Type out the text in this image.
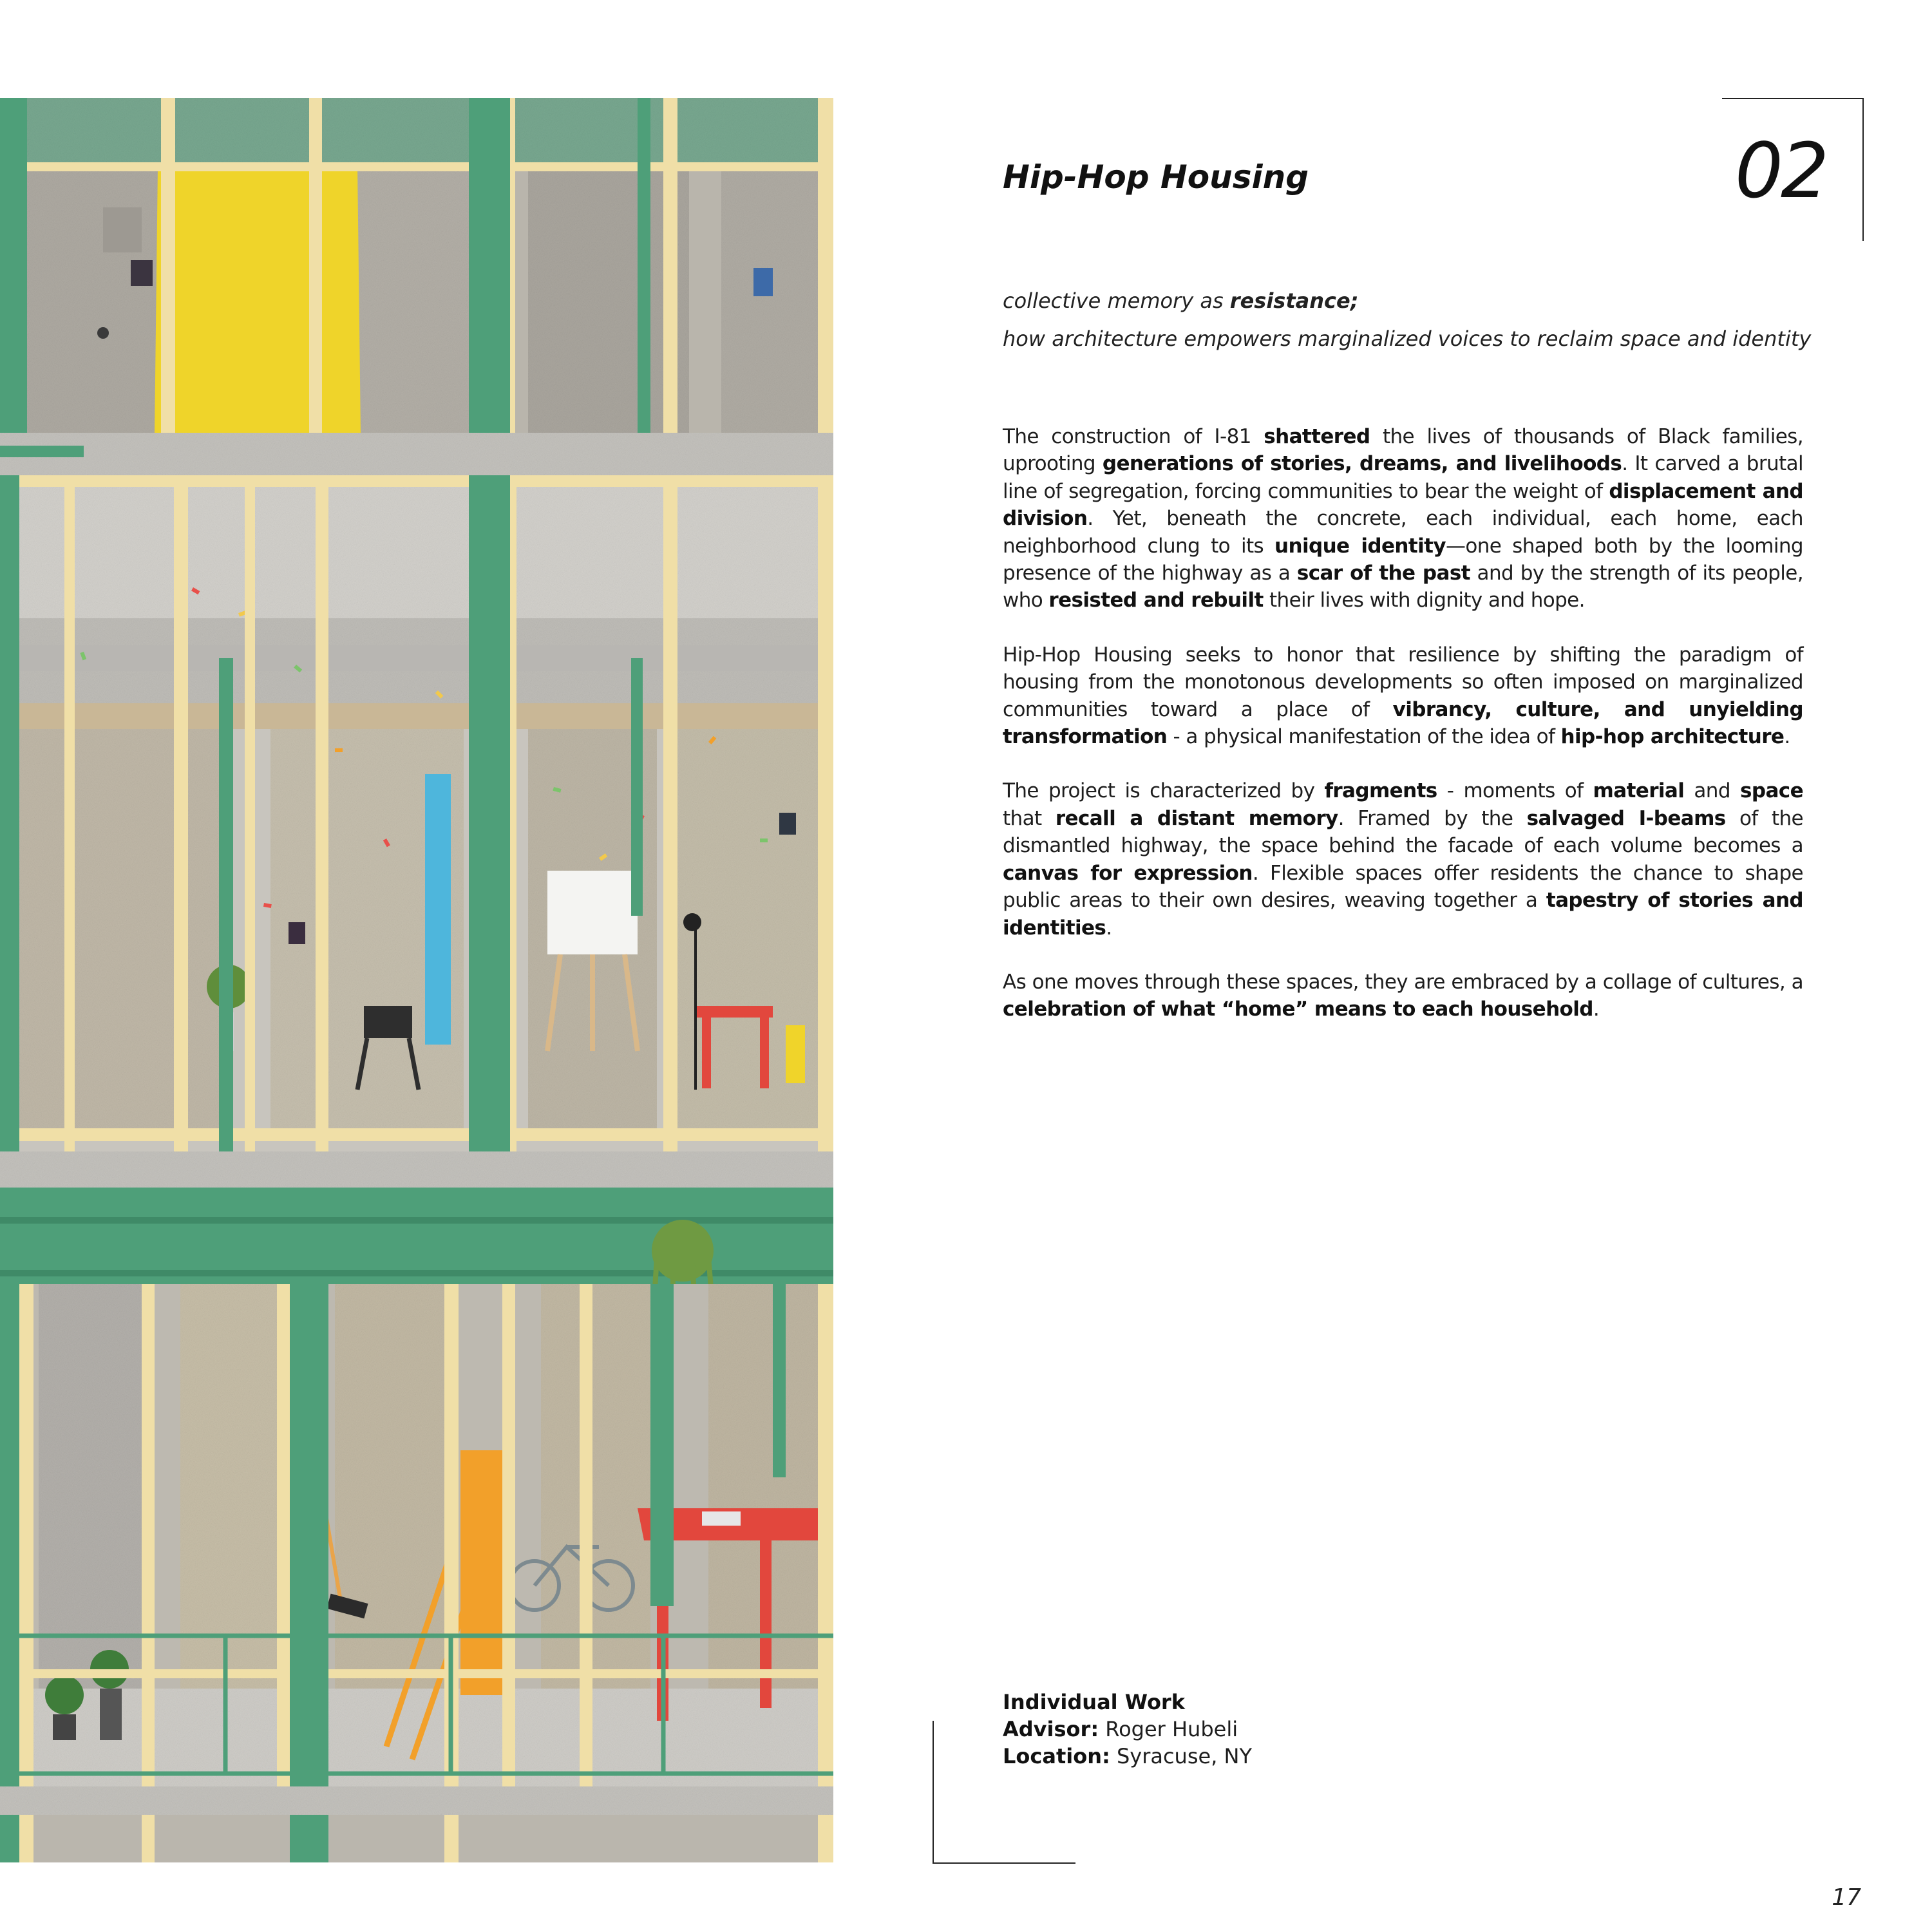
Hip-Hop Housing	02
collective memory as resistance;
how architecture empowers marginalized voices to reclaim space and identity

The construction of I-81 shattered the lives of thousands of Black families, uprooting generations of stories, dreams, and livelihoods. It carved a brutal line of segregation, forcing communities to bear the weight of displacement and division. Yet, beneath the concrete, each individual, each home, each neighborhood clung to its unique identity—one shaped both by the looming presence of the highway as a scar of the past and by the strength of its people, who resisted and rebuilt their lives with dignity and hope.

Hip-Hop Housing seeks to honor that resilience by shifting the paradigm of housing from the monotonous developments so often imposed on marginalized communities toward a place of vibrancy, culture, and unyielding transformation - a physical manifestation of the idea of hip-hop architecture.

The project is characterized by fragments - moments of material and space that recall a distant memory. Framed by the salvaged I-beams of the dismantled highway, the space behind the facade of each volume becomes a canvas for expression. Flexible spaces offer residents the chance to shape public areas to their own desires, weaving together a tapestry of stories and identities.

As one moves through these spaces, they are embraced by a collage of cultures, a celebration of what “home” means to each household.

Individual Work
Advisor: Roger Hubeli
Location: Syracuse, NY
17
